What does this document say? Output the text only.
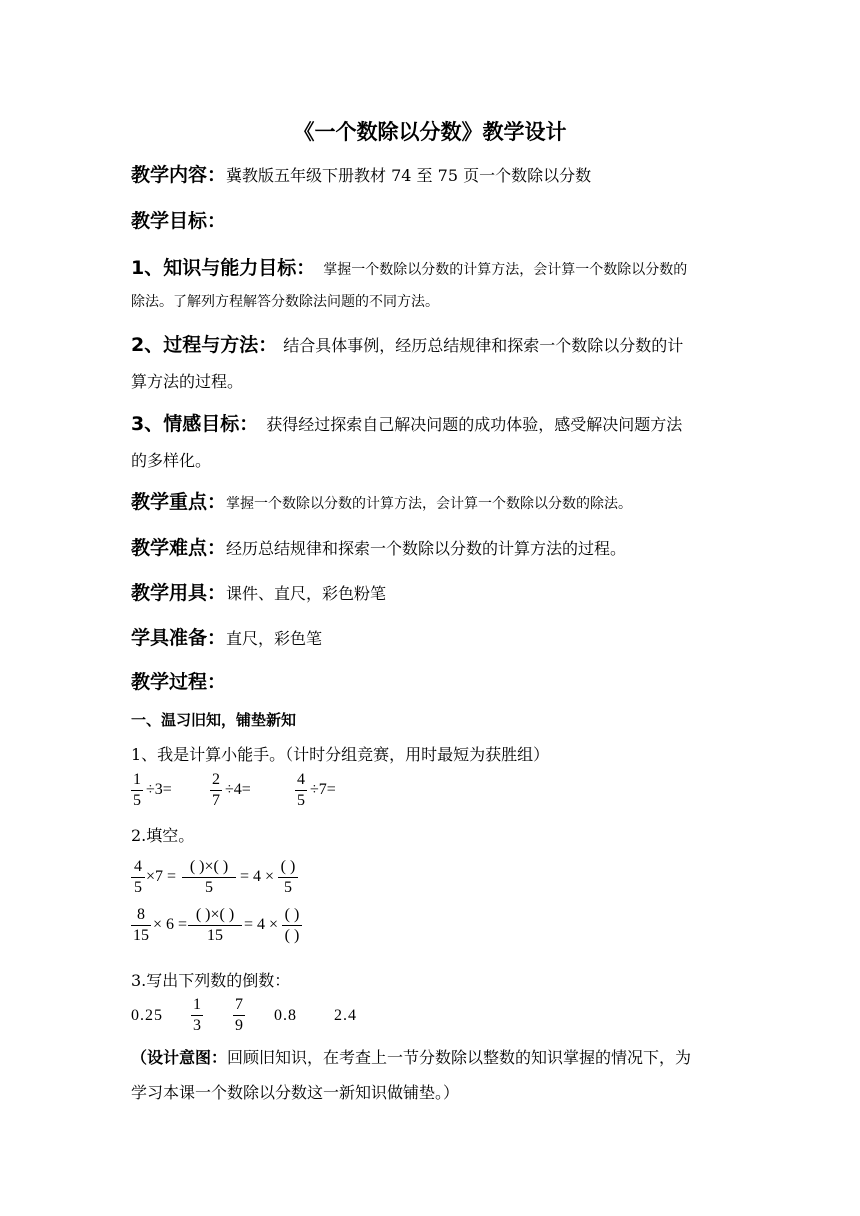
《一个数除以分数》教学设计
教学内容：冀教版五年级下册教材 74 至 75 页一个数除以分数
教学目标：
1、知识与能力目标： 掌握一个数除以分数的计算方法，会计算一个数除以分数的
除法。了解列方程解答分数除法问题的不同方法。
2、过程与方法： 结合具体事例，经历总结规律和探索一个数除以分数的计
算方法的过程。
3、情感目标： 获得经过探索自己解决问题的成功体验，感受解决问题方法
的多样化。
教学重点：掌握一个数除以分数的计算方法，会计算一个数除以分数的除法。
教学难点：经历总结规律和探索一个数除以分数的计算方法的过程。
教学用具：课件、直尺，彩色粉笔
学具准备：直尺，彩色笔
教学过程：
一、温习旧知，铺垫新知
1、我是计算小能手。（计时分组竞赛，用时最短为获胜组）
1
5
÷3=
2
7
÷4=
4
5
÷7=
2.填空。
4
5
×7 =
( )×( )
5
= 4 ×
( )
5
8
15
× 6 =
( )×( )
15
= 4 ×
( )
( )
3.写出下列数的倒数：
0.25
1
3
7
9
0.8 2.4
（设计意图：回顾旧知识，在考查上一节分数除以整数的知识掌握的情况下，为
学习本课一个数除以分数这一新知识做铺垫。）
